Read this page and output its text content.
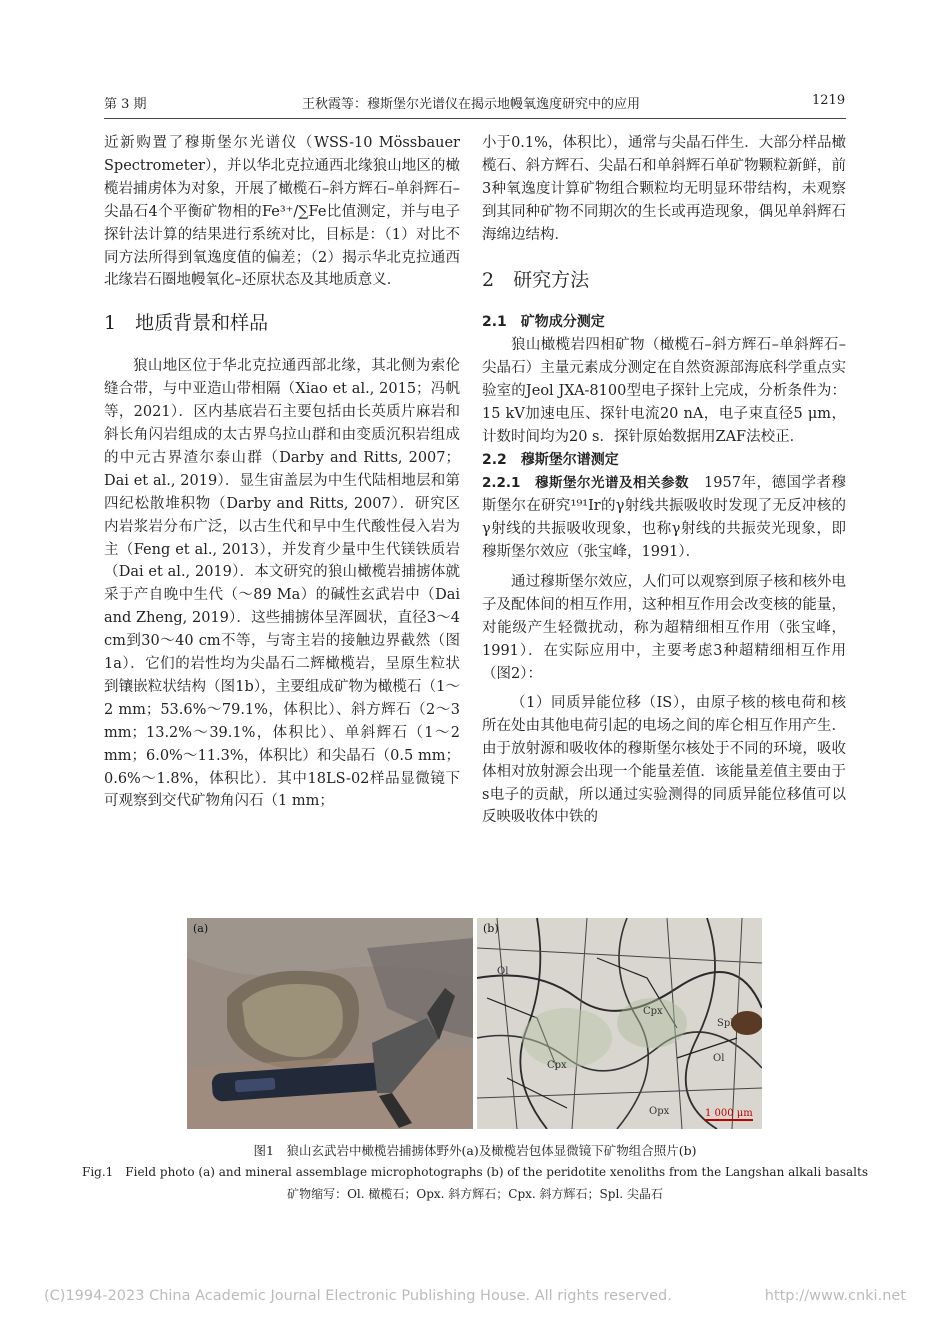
第 3 期	王秋霞等：穆斯堡尔光谱仪在揭示地幔氧逸度研究中的应用	1219

近新购置了穆斯堡尔光谱仪（WSS-10 Mössbauer Spectrometer），并以华北克拉通西北缘狼山地区的橄榄岩捕虏体为对象，开展了橄榄石–斜方辉石–单斜辉石–尖晶石4个平衡矿物相的Fe³⁺/∑Fe比值测定，并与电子探针法计算的结果进行系统对比，目标是：（1）对比不同方法所得到氧逸度值的偏差；（2）揭示华北克拉通西北缘岩石圈地幔氧化–还原状态及其地质意义．

1　地质背景和样品

狼山地区位于华北克拉通西部北缘，其北侧为索伦缝合带，与中亚造山带相隔（Xiao et al., 2015；冯帆等，2021）．区内基底岩石主要包括由长英质片麻岩和斜长角闪岩组成的太古界乌拉山群和由变质沉积岩组成的中元古界渣尔泰山群（Darby and Ritts, 2007；Dai et al., 2019）．显生宙盖层为中生代陆相地层和第四纪松散堆积物（Darby and Ritts, 2007）．研究区内岩浆岩分布广泛，以古生代和早中生代酸性侵入岩为主（Feng et al., 2013），并发育少量中生代镁铁质岩（Dai et al., 2019）．本文研究的狼山橄榄岩捕掳体就采于产自晚中生代（～89 Ma）的碱性玄武岩中（Dai and Zheng, 2019）．这些捕掳体呈浑圆状，直径3～4 cm到30～40 cm不等，与寄主岩的接触边界截然（图1a）．它们的岩性均为尖晶石二辉橄榄岩，呈原生粒状到镶嵌粒状结构（图1b），主要组成矿物为橄榄石（1～2 mm；53.6%～79.1%，体积比）、斜方辉石（2～3 mm；13.2%～39.1%，体积比）、单斜辉石（1～2 mm；6.0%～11.3%，体积比）和尖晶石（0.5 mm；0.6%～1.8%，体积比）．其中18LS-02样品显微镜下可观察到交代矿物角闪石（1 mm；

小于0.1%，体积比），通常与尖晶石伴生．大部分样品橄榄石、斜方辉石、尖晶石和单斜辉石单矿物颗粒新鲜，前3种氧逸度计算矿物组合颗粒均无明显环带结构，未观察到其同种矿物不同期次的生长或再造现象，偶见单斜辉石海绵边结构．

2　研究方法

2.1　矿物成分测定

狼山橄榄岩四相矿物（橄榄石–斜方辉石–单斜辉石–尖晶石）主量元素成分测定在自然资源部海底科学重点实验室的Jeol JXA-8100型电子探针上完成，分析条件为：15 kV加速电压、探针电流20 nA，电子束直径5 μm，计数时间均为20 s．探针原始数据用ZAF法校正．

2.2　穆斯堡尔谱测定

2.2.1　穆斯堡尔光谱及相关参数　1957年，德国学者穆斯堡尔在研究¹⁹¹Ir的γ射线共振吸收时发现了无反冲核的γ射线的共振吸收现象，也称γ射线的共振荧光现象，即穆斯堡尔效应（张宝峰，1991）．

通过穆斯堡尔效应，人们可以观察到原子核和核外电子及配体间的相互作用，这种相互作用会改变核的能量，对能级产生轻微扰动，称为超精细相互作用（张宝峰，1991）．在实际应用中，主要考虑3种超精细相互作用（图2）：

（1）同质异能位移（IS），由原子核的核电荷和核所在处由其他电荷引起的电场之间的库仑相互作用产生．由于放射源和吸收体的穆斯堡尔核处于不同的环境，吸收体相对放射源会出现一个能量差值．该能量差值主要由于s电子的贡献，所以通过实验测得的同质异能位移值可以反映吸收体中铁的

(a)	(b)
Ol
Cpx
Spl
Cpx
Ol
Opx	1 000 μm
图1　狼山玄武岩中橄榄岩捕掳体野外(a)及橄榄岩包体显微镜下矿物组合照片(b)
Fig.1　Field photo (a) and mineral assemblage microphotographs (b) of the peridotite xenoliths from the Langshan alkali basalts
矿物缩写：Ol. 橄榄石；Opx. 斜方辉石；Cpx. 斜方辉石；Spl. 尖晶石
(C)1994-2023 China Academic Journal Electronic Publishing House. All rights reserved.	http://www.cnki.net
